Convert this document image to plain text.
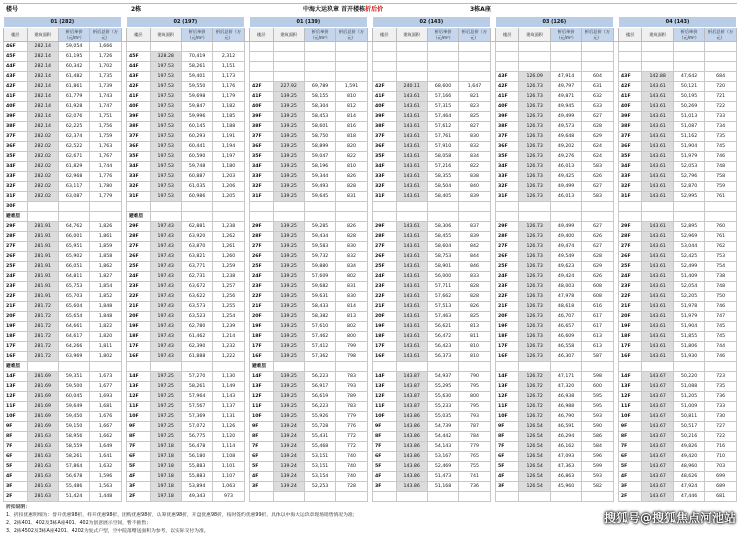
楼号	2栋	中海大运玖章 首开楼栋折后价	3栋A座
01 (282)					02 (197)					01 (139)					02 (143)					03 (126)					04 (143)			
楼层	建筑面积	折后单价（元/m²）	折后总价（万元）		楼层	建筑面积	折后单价（元/m²）	折后总价（万元）		楼层	建筑面积	折后单价（元/m²）	折后总价（万元）		楼层	建筑面积	折后单价（元/m²）	折后总价（万元）		楼层	建筑面积	折后单价（元/m²）	折后总价（万元）		楼层	建筑面积	折后单价（元/m²）	折后总价（万元）
46F	282.14	59,054	1,666																									
45F	282.14	61,195	1,726		45F	328.28	70,419	2,312																				
44F	282.14	60,342	1,702		44F	197.53	58,261	1,151																				
43F	282.14	61,482	1,735		43F	197.53	59,401	1,173												43F	126.09	47,914	604		43F	142.88	47,642	684
42F	282.14	61,861	1,739		42F	197.53	59,550	1,176		42F	227.92	69,789	1,591		42F	240.11	68,600	1,647		42F	126.73	49,797	631		42F	143.61	50,121	720
41F	282.14	61,779	1,743		41F	197.53	59,698	1,179		41F	139.25	58,155	810		41F	143.61	57,166	821		41F	126.73	49,871	632		41F	143.61	50,195	721
40F	282.14	61,928	1,747		40F	197.53	59,847	1,182		40F	139.25	58,304	812		40F	143.61	57,315	823		40F	126.73	49,945	633		40F	143.61	50,269	722
39F	282.14	62,076	1,751		39F	197.53	59,996	1,185		39F	139.25	58,453	814		39F	143.61	57,464	825		39F	126.73	49,499	627		39F	143.61	51,013	733
38F	282.14	62,225	1,756		38F	197.53	60,145	1,188		38F	139.25	58,601	816		38F	143.61	57,612	827		38F	126.73	49,573	628		38F	143.61	51,087	734
37F	282.02	62,374	1,759		37F	197.53	60,293	1,191		37F	139.25	58,750	818		37F	143.61	57,761	830		37F	126.73	49,648	629		37F	143.61	51,162	735
36F	282.02	62,522	1,763		36F	197.53	60,441	1,194		36F	139.25	58,899	820		36F	143.61	57,910	832		36F	126.73	49,202	624		36F	143.61	51,904	745
35F	282.02	62,671	1,767		35F	197.53	60,590	1,197		35F	139.25	59,047	822		35F	143.61	58,058	834		35F	126.73	49,276	624		35F	143.61	51,979	746
34F	282.02	61,829	1,744		34F	197.53	59,748	1,180		34F	139.25	58,196	810		34F	143.61	57,216	822		34F	126.73	46,013	583		34F	143.61	52,053	748
33F	282.02	62,968	1,776		33F	197.53	60,887	1,203		33F	139.25	59,344	826		33F	143.61	58,355	838		33F	126.73	49,425	626		33F	143.61	52,796	758
32F	282.02	63,117	1,780		32F	197.53	61,035	1,206		32F	139.25	59,493	828		32F	143.61	58,504	840		32F	126.73	49,499	627		32F	143.61	52,870	759
31F	282.02	63,087	1,779		31F	197.53	60,986	1,205		31F	139.25	59,645	831		31F	143.61	58,405	839		31F	126.73	46,013	583		31F	143.61	52,995	761
30F																												
避难层					避难层																							
29F	281.91	64,762	1,826		29F	197.43	62,881	1,238		29F	139.25	59,285	826		29F	143.61	58,306	837		29F	126.73	49,499	627		29F	143.61	52,895	760
28F	281.91	66,001	1,861		28F	197.43	63,920	1,262		28F	139.25	59,434	828		28F	143.61	58,455	839		28F	126.73	49,400	626		28F	143.61	52,969	761
27F	281.91	65,951	1,859		27F	197.43	63,870	1,261		27F	139.25	59,583	830		27F	143.61	58,604	842		27F	126.73	49,474	627		27F	143.61	53,044	762
26F	281.91	65,902	1,858		26F	197.43	63,821	1,260		26F	139.25	59,732	832		26F	143.61	58,753	844		26F	126.73	49,549	628		26F	143.61	52,425	753
25F	281.91	66,051	1,862		25F	197.43	63,771	1,259		25F	139.25	59,880	834		25F	143.61	58,901	846		25F	126.73	49,623	629		25F	143.61	52,499	754
24F	281.91	64,811	1,827		24F	197.43	62,731	1,238		24F	139.25	57,609	802		24F	143.61	56,000	833		24F	126.73	49,424	626		24F	143.61	51,409	738
23F	281.91	65,753	1,854		23F	197.43	63,672	1,257		23F	139.25	59,682	831		23F	143.61	57,711	828		23F	126.73	48,003	608		23F	143.61	52,054	748
22F	281.91	65,703	1,852		22F	197.43	63,622	1,256		22F	139.25	59,631	830		22F	143.61	57,662	828		22F	126.73	47,978	608		22F	143.61	52,205	750
21F	281.72	65,604	1,848		21F	197.43	63,573	1,255		21F	139.25	58,433	814		21F	143.61	57,513	826		21F	126.73	48,618	616		21F	143.61	51,978	746
20F	281.72	65,654	1,848		20F	197.43	63,523	1,254		20F	139.25	58,382	813		20F	143.61	57,463	825		20F	126.73	46,707	617		20F	143.61	51,979	747
19F	281.72	64,661	1,822		19F	197.43	62,780	1,239		19F	139.25	57,610	802		19F	143.61	56,621	813		19F	126.73	46,657	617		19F	143.61	51,904	745
18F	281.72	64,617	1,820		18F	197.43	61,462	1,214		18F	139.25	57,462	800		18F	143.61	56,472	811		18F	126.73	46,609	613		18F	143.61	51,855	745
17F	281.72	64,266	1,811		17F	197.43	62,390	1,232		17F	139.25	57,412	799		17F	143.61	56,423	810		17F	126.73	46,558	613		17F	143.61	51,806	744
16F	281.72	63,969	1,802		16F	197.43	61,888	1,222		16F	139.25	57,362	798		16F	143.61	56,373	810		16F	126.73	46,307	587		16F	143.61	51,930	746
避难层										避难层																		
14F	281.69	59,351	1,673		14F	197.25	57,270	1,130		14F	139.25	56,223	783		14F	143.87	54,937	790		14F	126.72	47,171	598		14F	143.67	50,220	723
13F	281.69	59,500	1,677		13F	197.25	58,261	1,149		13F	139.25	56,917	793		13F	143.87	55,295	795		13F	126.72	47,320	600		13F	143.67	51,088	735
12F	281.69	60,045	1,693		12F	197.25	57,964	1,143		12F	139.25	56,619	789		12F	143.87	55,630	800		12F	126.72	46,938	595		12F	143.67	51,205	736
11F	281.69	59,649	1,681		11F	197.25	57,567	1,137		11F	139.25	56,223	783		11F	143.87	55,233	795		11F	126.72	46,988	595		11F	143.67	51,009	733
10F	281.69	59,450	1,676		10F	197.25	57,369	1,131		10F	139.25	55,926	779		10F	143.86	55,035	793		10F	126.72	46,790	593		10F	143.67	50,811	730
9F	281.69	59,150	1,667		9F	197.25	57,072	1,126		9F	139.24	55,728	776		9F	143.86	54,739	787		9F	126.54	46,591	590		9F	143.67	50,517	727
8F	281.63	58,956	1,662		8F	197.25	56,775	1,120		8F	139.24	55,431	772		8F	143.86	54,442	784		8F	126.54	46,294	586		8F	143.67	50,216	722
7F	281.63	58,559	1,649		7F	197.18	56,478	1,114		7F	139.24	55,468	772		7F	143.86	54,143	779		7F	126.54	46,162	584		7F	143.67	49,826	716
6F	281.63	58,261	1,641		6F	197.18	56,180	1,108		6F	139.24	53,151	740		6F	143.86	53,167	765		6F	126.54	47,093	596		6F	143.67	49,420	710
5F	281.63	57,864	1,632		5F	197.18	55,883	1,101		5F	139.24	53,151	740		5F	143.86	52,469	755		5F	126.54	47,363	599		5F	143.67	48,960	703
4F	281.63	56,678	1,596		4F	197.18	55,883	1,107		4F	139.24	53,154	740		4F	143.86	51,473	741		4F	126.54	46,863	593		4F	143.67	48,626	699
3F	281.63	55,486	1,563		3F	197.18	53,894	1,063		3F	139.24	52,253	728		3F	143.86	51,168	736		3F	126.54	45,960	582		3F	143.67	47,924	689
2F	281.63	51,424	1,448		2F	197.18	49,343	973																	2F	143.67	47,446	681
折扣说明：
1、折扣优惠明细为：誉开优惠98折，样开优惠98折，团购优惠98折，认筹优惠98折，开盘优惠98折，按时签约优惠99折，具体以中海大运玖章现场销售情况为准；
2、2栋401、402及3栋A座401、402为创意展示空间，暂不推售；
3、2栋4502及3栋A座4201、4202为复式户型，空中院落赠送面积为参考，以实际交付为准。
搜狐号@搜狐焦点河池站
